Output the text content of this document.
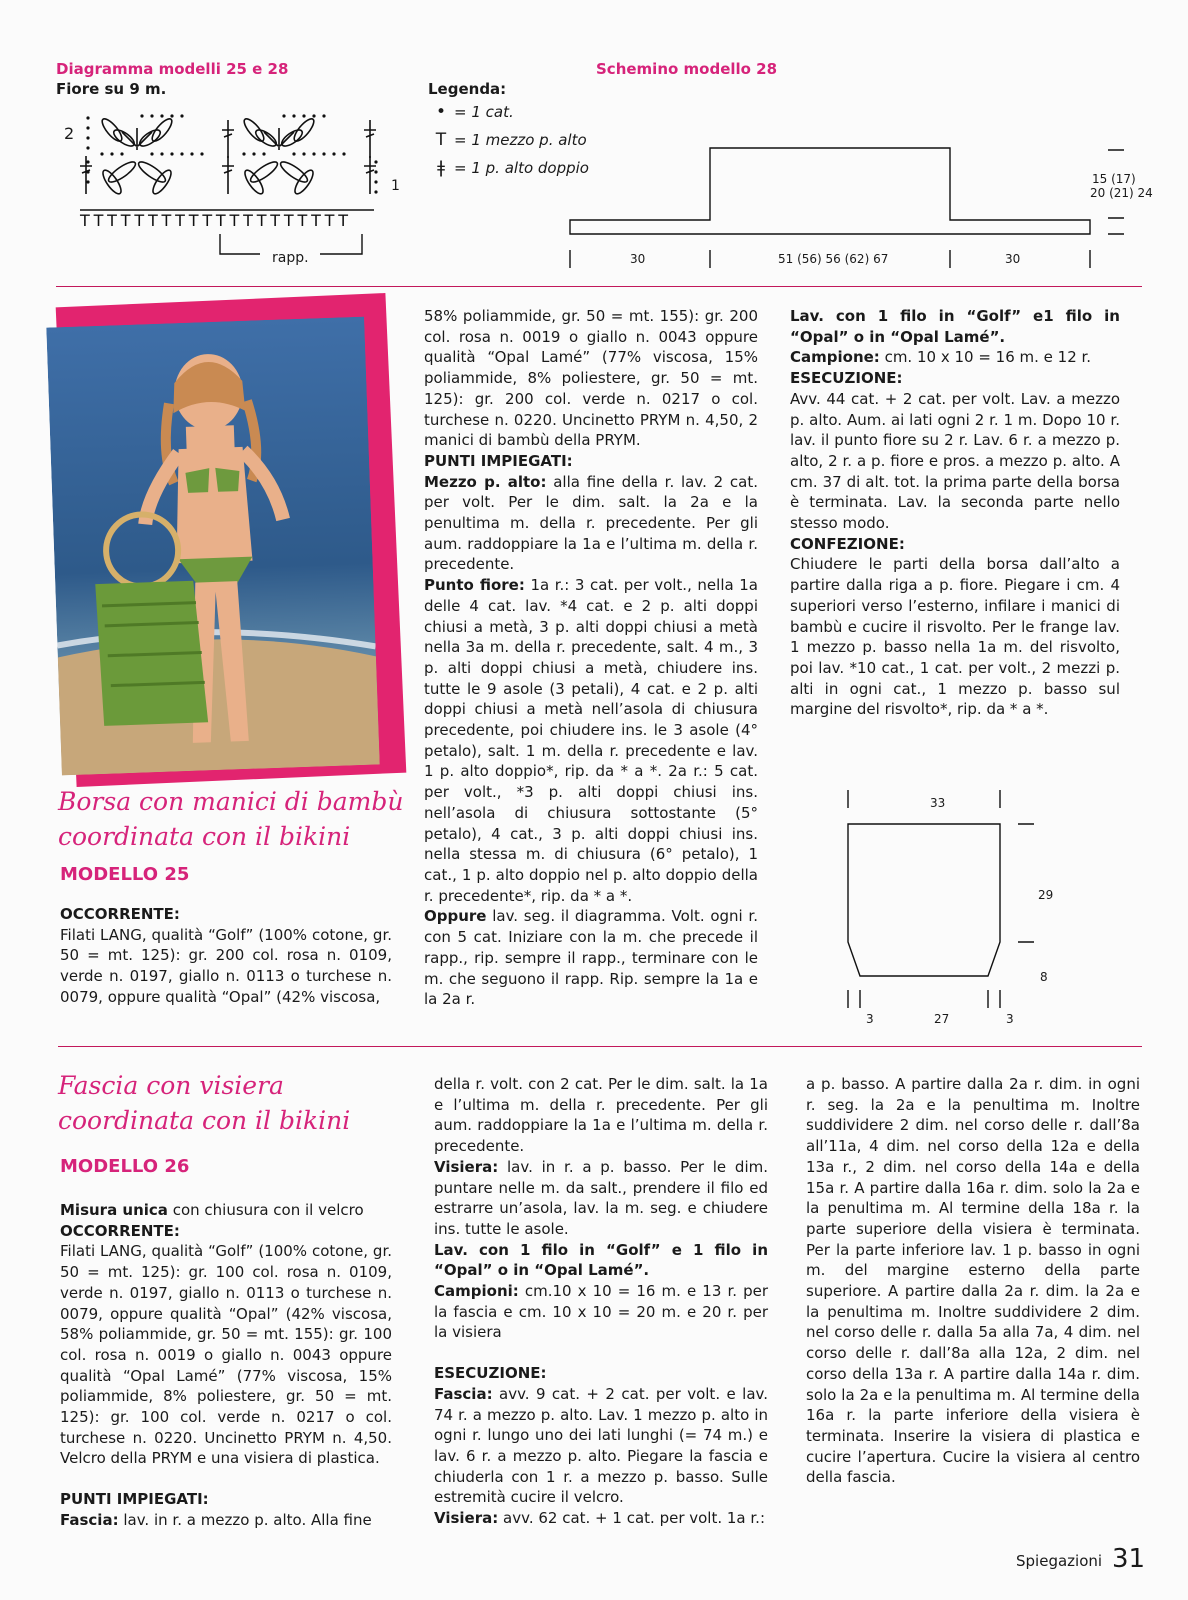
Diagramma modelli 25 e 28
Fiore su 9 m.
TTTTTTTTTTTTTTTTTTTT
2
1
rapp.
Legenda:
• = 1 cat.
T = 1 mezzo p. alto
ǂ = 1 p. alto doppio
Schemino modello 28
15 (17)
20 (21) 24
30	51 (56) 56 (62) 67	30
Borsa con manici di bambù
coordinata con il bikini
MODELLO 25

OCCORRENTE:

Filati LANG, qualità “Golf” (100% cotone, gr. 50 = mt. 125): gr. 200 col. rosa n. 0109, verde n. 0197, giallo n. 0113 o turchese n. 0079, oppure qualità “Opal” (42% viscosa,

58% poliammide, gr. 50 = mt. 155): gr. 200 col. rosa n. 0019 o giallo n. 0043 oppure qualità “Opal Lamé” (77% viscosa, 15% poliammide, 8% poliestere, gr. 50 = mt. 125): gr. 200 col. verde n. 0217 o col. turchese n. 0220. Uncinetto PRYM n. 4,50, 2 manici di bambù della PRYM.

PUNTI IMPIEGATI:

Mezzo p. alto: alla fine della r. lav. 2 cat. per volt. Per le dim. salt. la 2a e la penultima m. della r. precedente. Per gli aum. raddoppiare la 1a e l’ultima m. della r. precedente.

Punto fiore: 1a r.: 3 cat. per volt., nella 1a delle 4 cat. lav. *4 cat. e 2 p. alti doppi chiusi a metà, 3 p. alti doppi chiusi a metà nella 3a m. della r. precedente, salt. 4 m., 3 p. alti doppi chiusi a metà, chiudere ins. tutte le 9 asole (3 petali), 4 cat. e 2 p. alti doppi chiusi a metà nell’asola di chiusura precedente, poi chiudere ins. le 3 asole (4° petalo), salt. 1 m. della r. precedente e lav. 1 p. alto doppio*, rip. da * a *. 2a r.: 5 cat. per volt., *3 p. alti doppi chiusi ins. nell’asola di chiusura sottostante (5° petalo), 4 cat., 3 p. alti doppi chiusi ins. nella stessa m. di chiusura (6° petalo), 1 cat., 1 p. alto doppio nel p. alto doppio della r. precedente*, rip. da * a *.

Oppure lav. seg. il diagramma. Volt. ogni r. con 5 cat. Iniziare con la m. che precede il rapp., rip. sempre il rapp., terminare con le m. che seguono il rapp. Rip. sempre la 1a e la 2a r.

Lav. con 1 filo in “Golf” e1 filo in “Opal” o in “Opal Lamé”.

Campione: cm. 10 x 10 = 16 m. e 12 r.

ESECUZIONE:

Avv. 44 cat. + 2 cat. per volt. Lav. a mezzo p. alto. Aum. ai lati ogni 2 r. 1 m. Dopo 10 r. lav. il punto fiore su 2 r. Lav. 6 r. a mezzo p. alto, 2 r. a p. fiore e pros. a mezzo p. alto. A cm. 37 di alt. tot. la prima parte della borsa è terminata. Lav. la seconda parte nello stesso modo.

CONFEZIONE:

Chiudere le parti della borsa dall’alto a partire dalla riga a p. fiore. Piegare i cm. 4 superiori verso l’esterno, infilare i manici di bambù e cucire il risvolto. Per le frange lav. 1 mezzo p. basso nella 1a m. del risvolto, poi lav. *10 cat., 1 cat. per volt., 2 mezzi p. alti in ogni cat., 1 mezzo p. basso sul margine del risvolto*, rip. da * a *.

33
29
8
27
3	3
Fascia con visiera
coordinata con il bikini
MODELLO 26

Misura unica con chiusura con il velcro

OCCORRENTE:

Filati LANG, qualità “Golf” (100% cotone, gr. 50 = mt. 125): gr. 100 col. rosa n. 0109, verde n. 0197, giallo n. 0113 o turchese n. 0079, oppure qualità “Opal” (42% viscosa, 58% poliammide, gr. 50 = mt. 155): gr. 100 col. rosa n. 0019 o giallo n. 0043 oppure qualità “Opal Lamé” (77% viscosa, 15% poliammide, 8% poliestere, gr. 50 = mt. 125): gr. 100 col. verde n. 0217 o col. turchese n. 0220. Uncinetto PRYM n. 4,50. Velcro della PRYM e una visiera di plastica.

PUNTI IMPIEGATI:

Fascia: lav. in r. a mezzo p. alto. Alla fine

della r. volt. con 2 cat. Per le dim. salt. la 1a e l’ultima m. della r. precedente. Per gli aum. raddoppiare la 1a e l’ultima m. della r. precedente.

Visiera: lav. in r. a p. basso. Per le dim. puntare nelle m. da salt., prendere il filo ed estrarre un’asola, lav. la m. seg. e chiudere ins. tutte le asole.

Lav. con 1 filo in “Golf” e 1 filo in “Opal” o in “Opal Lamé”.

Campioni: cm.10 x 10 = 16 m. e 13 r. per la fascia e cm. 10 x 10 = 20 m. e 20 r. per la visiera

ESECUZIONE:

Fascia: avv. 9 cat. + 2 cat. per volt. e lav. 74 r. a mezzo p. alto. Lav. 1 mezzo p. alto in ogni r. lungo uno dei lati lunghi (= 74 m.) e lav. 6 r. a mezzo p. alto. Piegare la fascia e chiuderla con 1 r. a mezzo p. basso. Sulle estremità cucire il velcro.

Visiera: avv. 62 cat. + 1 cat. per volt. 1a r.:

a p. basso. A partire dalla 2a r. dim. in ogni r. seg. la 2a e la penultima m. Inoltre suddividere 2 dim. nel corso delle r. dall’8a all’11a, 4 dim. nel corso della 12a e della 13a r., 2 dim. nel corso della 14a e della 15a r. A partire dalla 16a r. dim. solo la 2a e la penultima m. Al termine della 18a r. la parte superiore della visiera è terminata. Per la parte inferiore lav. 1 p. basso in ogni m. del margine esterno della parte superiore. A partire dalla 2a r. dim. la 2a e la penultima m. Inoltre suddividere 2 dim. nel corso delle r. dalla 5a alla 7a, 4 dim. nel corso delle r. dall’8a alla 12a, 2 dim. nel corso della 13a r. A partire dalla 14a r. dim. solo la 2a e la penultima m. Al termine della 16a r. la parte inferiore della visiera è terminata. Inserire la visiera di plastica e cucire l’apertura. Cucire la visiera al centro della fascia.

Spiegazioni 31
